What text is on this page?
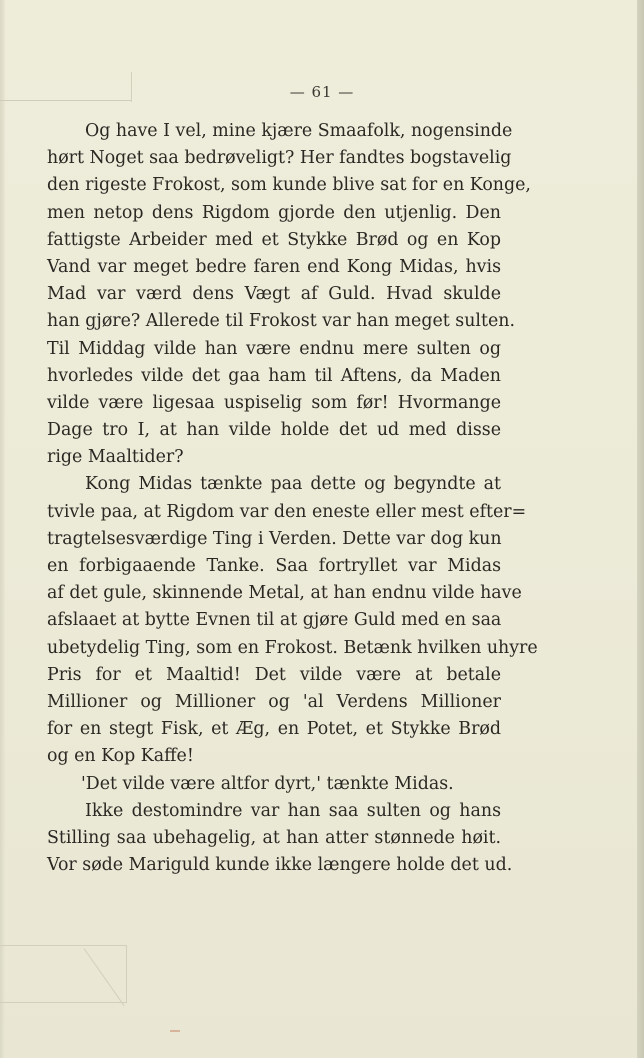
— 61 —
Og have I vel, mine kjære Smaafolk, nogensinde
hørt Noget saa bedrøveligt? Her fandtes bogstavelig
den rigeste Frokost, som kunde blive sat for en Konge,
men netop dens Rigdom gjorde den utjenlig. Den
fattigste Arbeider med et Stykke Brød og en Kop
Vand var meget bedre faren end Kong Midas, hvis
Mad var værd dens Vægt af Guld. Hvad skulde
han gjøre? Allerede til Frokost var han meget sulten.
Til Middag vilde han være endnu mere sulten og
hvorledes vilde det gaa ham til Aftens, da Maden
vilde være ligesaa uspiselig som før! Hvormange
Dage tro I, at han vilde holde det ud med disse
rige Maaltider?
Kong Midas tænkte paa dette og begyndte at
tvivle paa, at Rigdom var den eneste eller mest efter=
tragtelsesværdige Ting i Verden. Dette var dog kun
en forbigaaende Tanke. Saa fortryllet var Midas
af det gule, skinnende Metal, at han endnu vilde have
afslaaet at bytte Evnen til at gjøre Guld med en saa
ubetydelig Ting, som en Frokost. Betænk hvilken uhyre
Pris for et Maaltid! Det vilde være at betale
Millioner og Millioner og 'al Verdens Millioner
for en stegt Fisk, et Æg, en Potet, et Stykke Brød
og en Kop Kaffe!
'Det vilde være altfor dyrt,' tænkte Midas.
Ikke destomindre var han saa sulten og hans
Stilling saa ubehagelig, at han atter stønnede høit.
Vor søde Mariguld kunde ikke længere holde det ud.
